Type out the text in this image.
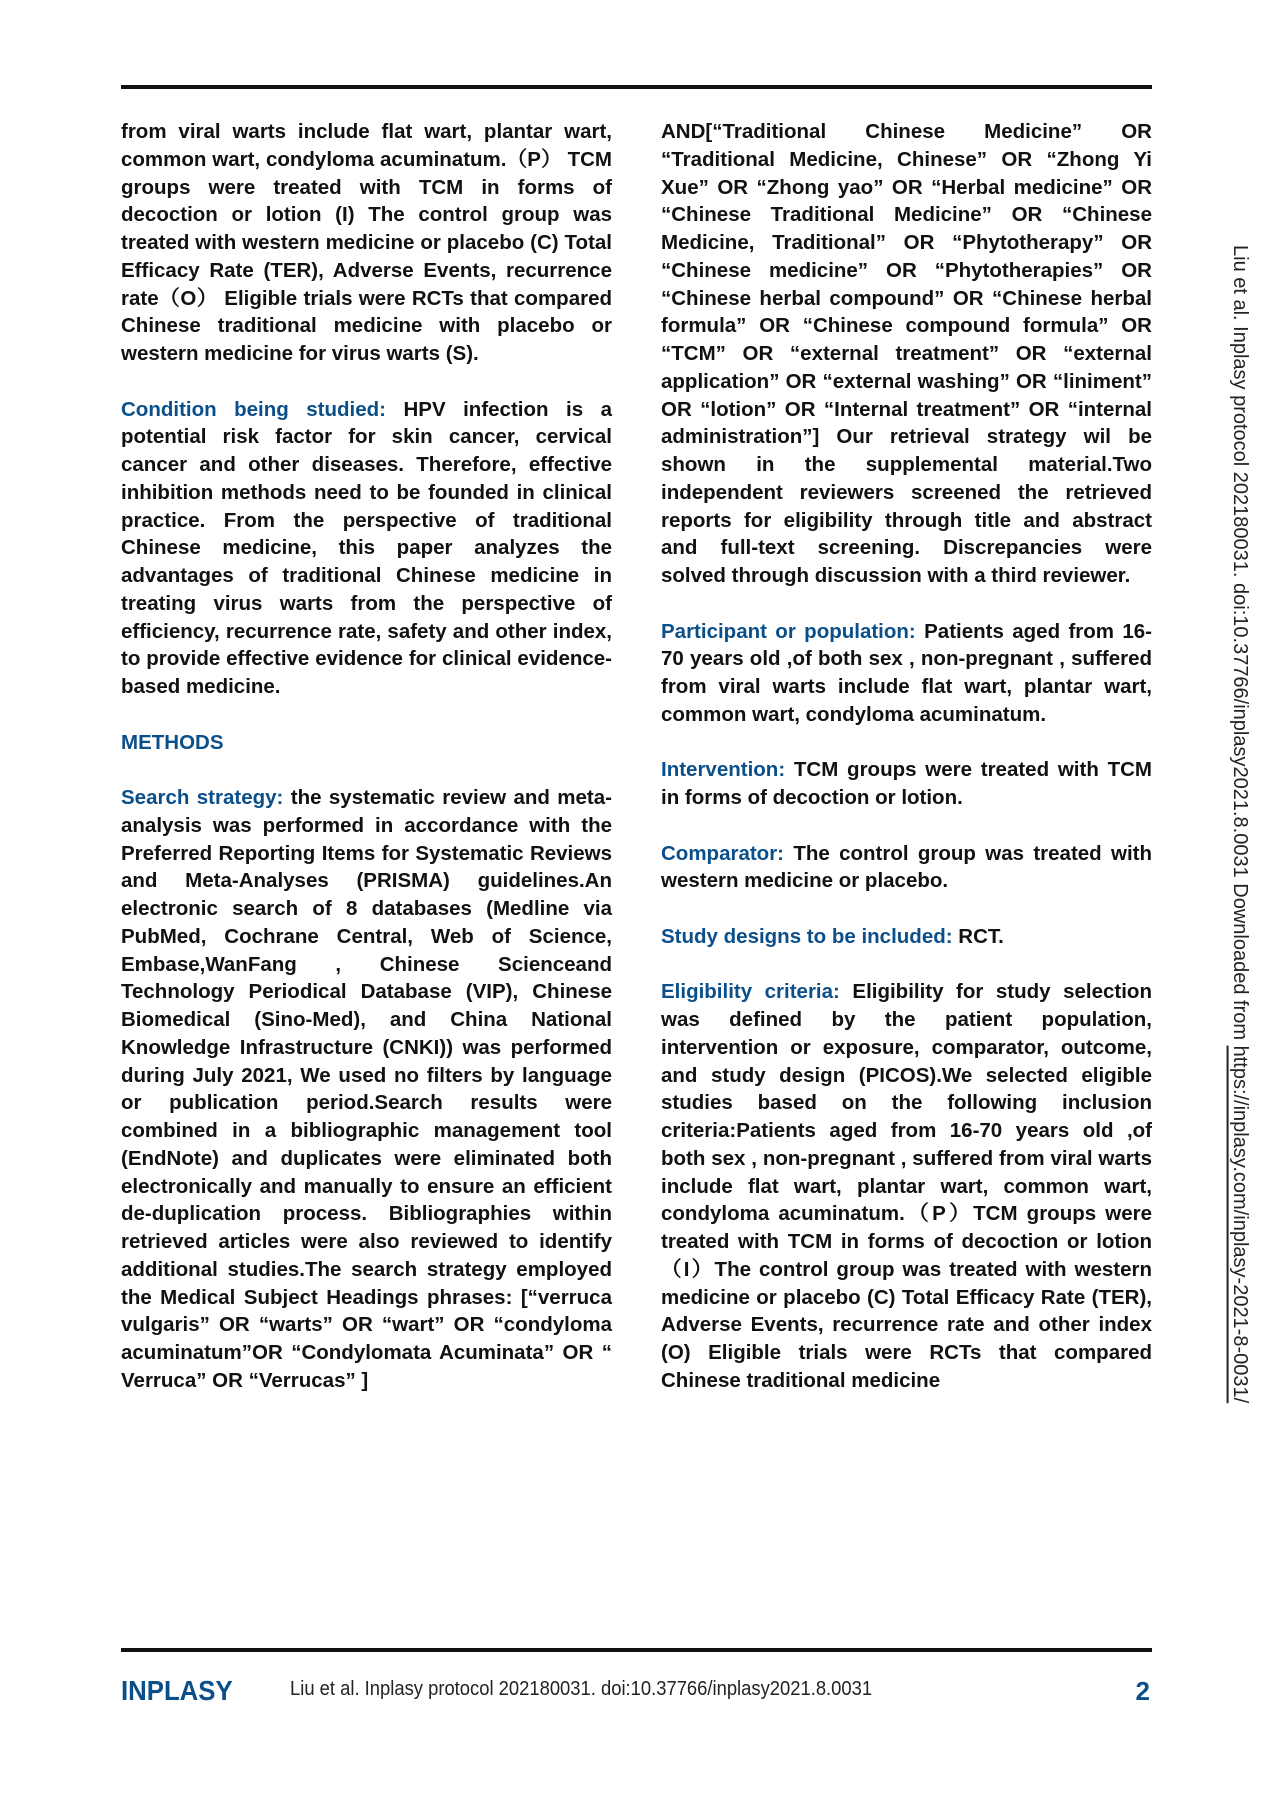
from viral warts include flat wart, plantar wart, common wart, condyloma acuminatum.（P） TCM groups were treated with TCM in forms of decoction or lotion (I) The control group was treated with western medicine or placebo (C) Total Efficacy Rate (TER), Adverse Events, recurrence rate（O） Eligible trials were RCTs that compared Chinese traditional medicine with placebo or western medicine for virus warts (S).

Condition being studied: HPV infection is a potential risk factor for skin cancer, cervical cancer and other diseases. Therefore, effective inhibition methods need to be founded in clinical practice. From the perspective of traditional Chinese medicine, this paper analyzes the advantages of traditional Chinese medicine in treating virus warts from the perspective of efficiency, recurrence rate, safety and other index, to provide effective evidence for clinical evidence-based medicine.

METHODS

Search strategy: the systematic review and meta-analysis was performed in accordance with the Preferred Reporting Items for Systematic Reviews and Meta-Analyses (PRISMA) guidelines.An electronic search of 8 databases (Medline via PubMed, Cochrane Central, Web of Science, Embase,WanFang , Chinese Scienceand Technology Periodical Database (VIP), Chinese Biomedical (Sino-Med), and China National Knowledge Infrastructure (CNKI)) was performed during July 2021, We used no filters by language or publication period.Search results were combined in a bibliographic management tool (EndNote) and duplicates were eliminated both electronically and manually to ensure an efficient de-duplication process. Bibliographies within retrieved articles were also reviewed to identify additional studies.The search strategy employed the Medical Subject Headings phrases: [“verruca vulgaris” OR “warts” OR “wart” OR “condyloma acuminatum”OR “Condylomata Acuminata” OR “ Verruca” OR “Verrucas” ]

AND[“Traditional Chinese Medicine” OR “Traditional Medicine, Chinese” OR “Zhong Yi Xue” OR “Zhong yao” OR “Herbal medicine” OR “Chinese Traditional Medicine” OR “Chinese Medicine, Traditional” OR “Phytotherapy” OR “Chinese medicine” OR “Phytotherapies” OR “Chinese herbal compound” OR “Chinese herbal formula” OR “Chinese compound formula” OR “TCM” OR “external treatment” OR “external application” OR “external washing” OR “liniment” OR “lotion” OR “Internal treatment” OR “internal administration”] Our retrieval strategy wil be shown in the supplemental material.Two independent reviewers screened the retrieved reports for eligibility through title and abstract and full-text screening. Discrepancies were solved through discussion with a third reviewer.

Participant or population: Patients aged from 16-70 years old ,of both sex , non-pregnant , suffered from viral warts include flat wart, plantar wart, common wart, condyloma acuminatum.

Intervention: TCM groups were treated with TCM in forms of decoction or lotion.

Comparator: The control group was treated with western medicine or placebo.

Study designs to be included: RCT.

Eligibility criteria: Eligibility for study selection was defined by the patient population, intervention or exposure, comparator, outcome, and study design (PICOS).We selected eligible studies based on the following inclusion criteria:Patients aged from 16-70 years old ,of both sex , non-pregnant , suffered from viral warts include flat wart, plantar wart, common wart, condyloma acuminatum.（P）TCM groups were treated with TCM in forms of decoction or lotion（I）The control group was treated with western medicine or placebo (C) Total Efficacy Rate (TER), Adverse Events, recurrence rate and other index (O) Eligible trials were RCTs that compared Chinese traditional medicine

INPLASY	Liu et al. Inplasy protocol 202180031. doi:10.37766/inplasy2021.8.0031	2
Liu et al. Inplasy protocol 202180031. doi:10.37766/inplasy2021.8.0031 Downloaded from https://inplasy.com/inplasy-2021-8-0031/
